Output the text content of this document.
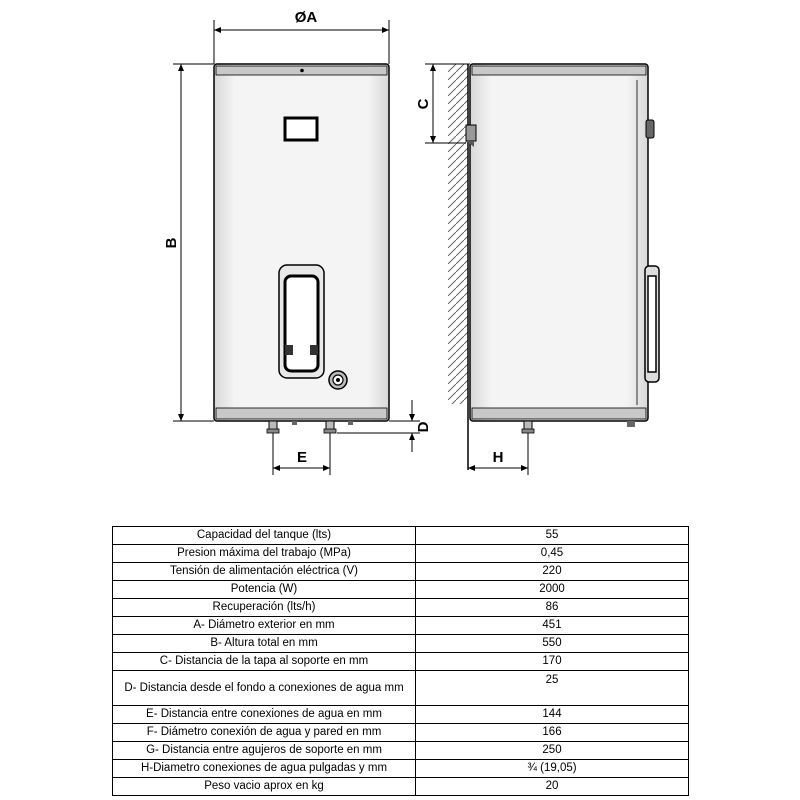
ØA
B
E
D
C
H
Capacidad del tanque (lts)	55
Presion máxima del trabajo (MPa)	0,45
Tensión de alimentación eléctrica (V)	220
Potencia (W)	2000
Recuperación (lts/h)	86
A- Diámetro exterior en mm	451
B- Altura total en mm	550
C- Distancia de la tapa al soporte en mm	170
D- Distancia desde el fondo a conexiones de agua mm	25
E- Distancia entre conexiones de agua en mm	144
F- Diámetro conexión de agua y pared en mm	166
G- Distancia entre agujeros de soporte en mm	250
H-Diametro conexiones de agua pulgadas y mm	¾ (19,05)
Peso vacio aprox en kg	20
